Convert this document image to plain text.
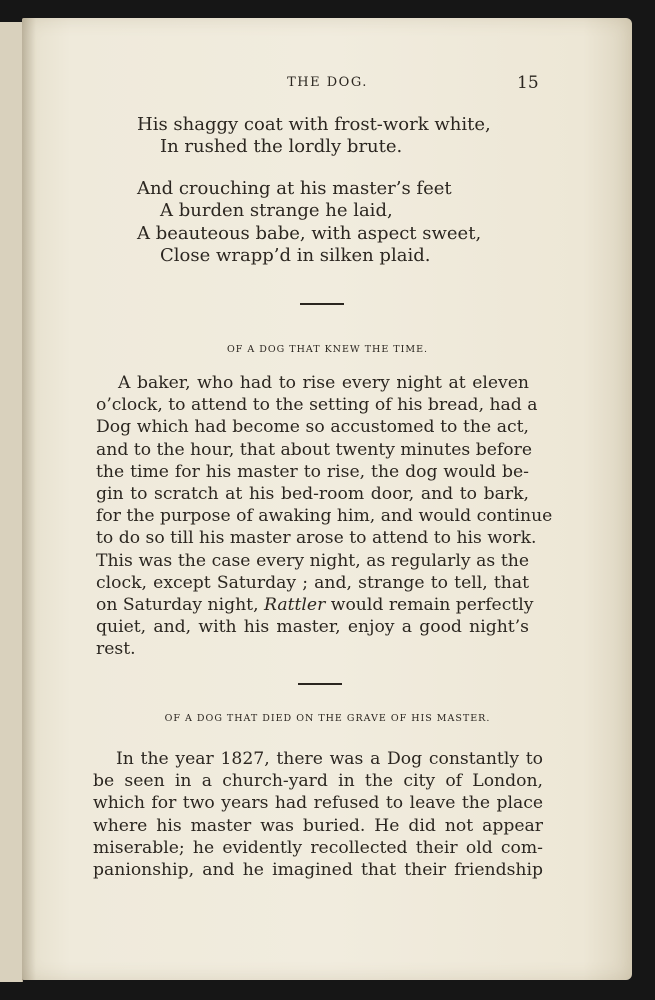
THE DOG.	15
His shaggy coat with frost-work white,
In rushed the lordly brute.
And crouching at his master’s feet
A burden strange he laid,
A beauteous babe, with aspect sweet,
Close wrapp’d in silken plaid.
OF A DOG THAT KNEW THE TIME.
A baker, who had to rise every night at eleven
o’clock, to attend to the setting of his bread, had a
Dog which had become so accustomed to the act,
and to the hour, that about twenty minutes before
the time for his master to rise, the dog would be-
gin to scratch at his bed-room door, and to bark,
for the purpose of awaking him, and would continue
to do so till his master arose to attend to his work.
This was the case every night, as regularly as the
clock, except Saturday ; and, strange to tell, that
on Saturday night, Rattler would remain perfectly
quiet, and, with his master, enjoy a good night’s
rest.
OF A DOG THAT DIED ON THE GRAVE OF HIS MASTER.
In the year 1827, there was a Dog constantly to
be seen in a church-yard in the city of London,
which for two years had refused to leave the place
where his master was buried. He did not appear
miserable; he evidently recollected their old com-
panionship, and he imagined that their friendship
